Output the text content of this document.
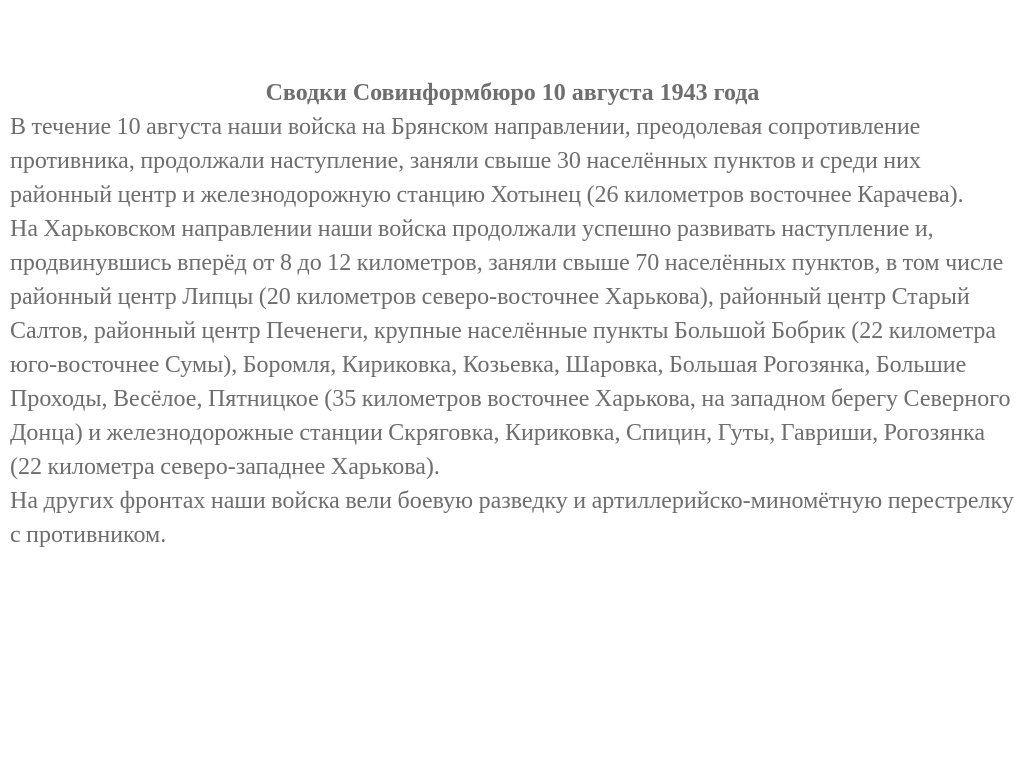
Сводки Совинформбюро 10 августа 1943 года

В течение 10 августа наши войска на Брянском направлении, преодолевая сопротивление противника, продолжали наступление, заняли свыше 30 населённых пунктов и среди них районный центр и железнодорожную станцию Хотынец (26 километров восточнее Карачева).

На Харьковском направлении наши войска продолжали успешно развивать наступление и, продвинувшись вперёд от 8 до 12 километров, заняли свыше 70 населённых пунктов, в том числе районный центр Липцы (20 километров северо-восточнее Харькова), районный центр Старый Салтов, районный центр Печенеги, крупные населённые пункты Большой Бобрик (22 километра юго-восточнее Сумы), Боромля, Кириковка, Козьевка, Шаровка, Большая Рогозянка, Большие Проходы, Весёлое, Пятницкое (35 километров восточнее Харькова, на западном берегу Северного Донца) и железнодорожные станции Скряговка, Кириковка, Спицин, Гуты, Гавриши, Рогозянка (22 километра северо-западнее Харькова).

На других фронтах наши войска вели боевую разведку и артиллерийско-миномётную перестрелку с противником.
